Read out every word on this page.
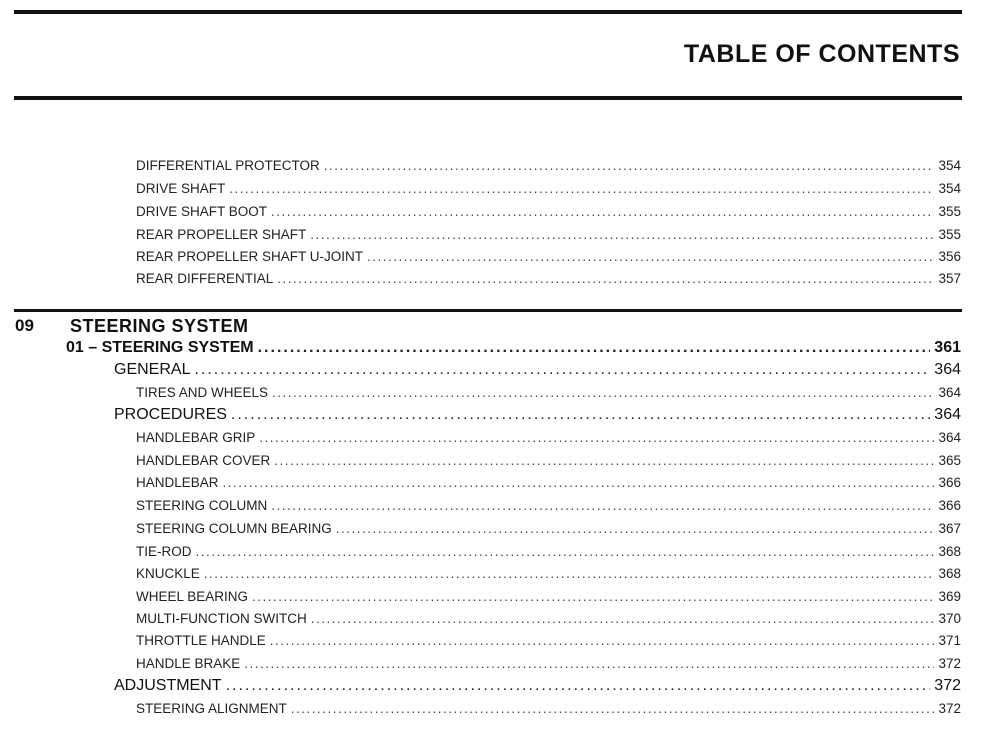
TABLE OF CONTENTS
DIFFERENTIAL PROTECTOR .....	354
DRIVE SHAFT .....	354
DRIVE SHAFT BOOT .....	355
REAR PROPELLER SHAFT .....	355
REAR PROPELLER SHAFT U-JOINT .....	356
REAR DIFFERENTIAL .....	357
09 STEERING SYSTEM
01 – STEERING SYSTEM .....	361
GENERAL .....	364
TIRES AND WHEELS .....	364
PROCEDURES .....	364
HANDLEBAR GRIP .....	364
HANDLEBAR COVER .....	365
HANDLEBAR .....	366
STEERING COLUMN .....	366
STEERING COLUMN BEARING .....	367
TIE-ROD .....	368
KNUCKLE .....	368
WHEEL BEARING .....	369
MULTI-FUNCTION SWITCH .....	370
THROTTLE HANDLE .....	371
HANDLE BRAKE .....	372
ADJUSTMENT .....	372
STEERING ALIGNMENT .....	372
